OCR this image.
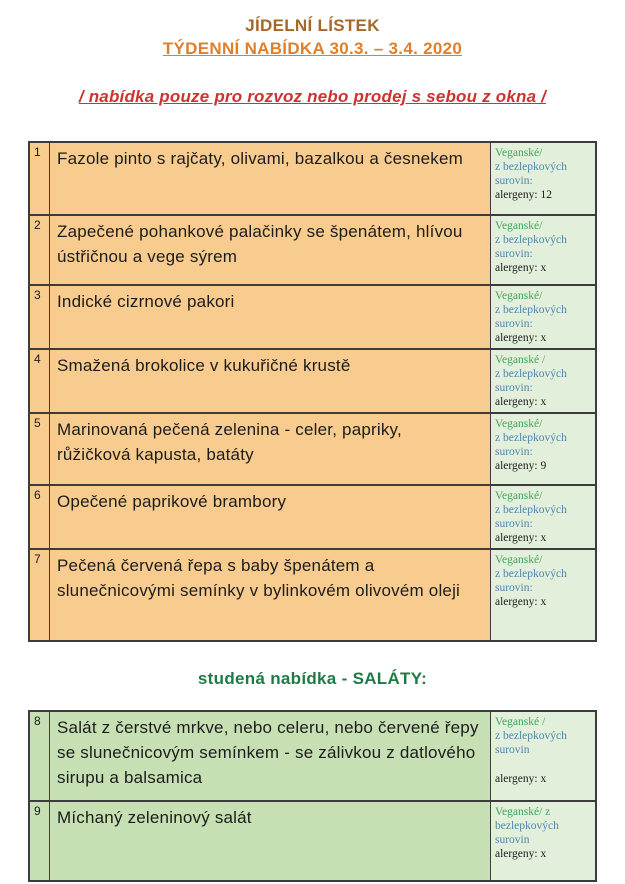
JÍDELNÍ LÍSTEK
TÝDENNÍ NABÍDKA 30.3. – 3.4. 2020
/ nabídka pouze pro rozvoz nebo prodej s sebou z okna /
1 Fazole pinto s rajčaty, olivami, bazalkou a česnekem	Veganské/
z bezlepkových surovin:
alergeny: 12
2 Zapečené pohankové palačinky se špenátem, hlívou ústřičnou a vege sýrem
Veganské/
z bezlepkových surovin:
alergeny: x
3 Indické cizrnové pakori	Veganské/
z bezlepkových surovin:
alergeny: x
4 Smažená brokolice v kukuřičné krustě	Veganské /
z bezlepkových surovin:
alergeny: x
5 Marinovaná pečená zelenina - celer, papriky, růžičková kapusta, batáty
Veganské/
z bezlepkových surovin:
alergeny: 9
6 Opečené paprikové brambory	Veganské/
z bezlepkových surovin:
alergeny: x
7 Pečená červená řepa s baby špenátem a slunečnicovými semínky v bylinkovém olivovém oleji
Veganské/
z bezlepkových surovin:
alergeny: x
studená nabídka - SALÁTY:
8 Salát z čerstvé mrkve, nebo celeru, nebo červené řepy se slunečnicovým semínkem - se zálivkou z datlového sirupu a balsamica
Veganské /
z bezlepkových surovin
alergeny: x
9 Míchaný zeleninový salát	Veganské/ z
bezlepkových surovin
alergeny: x
